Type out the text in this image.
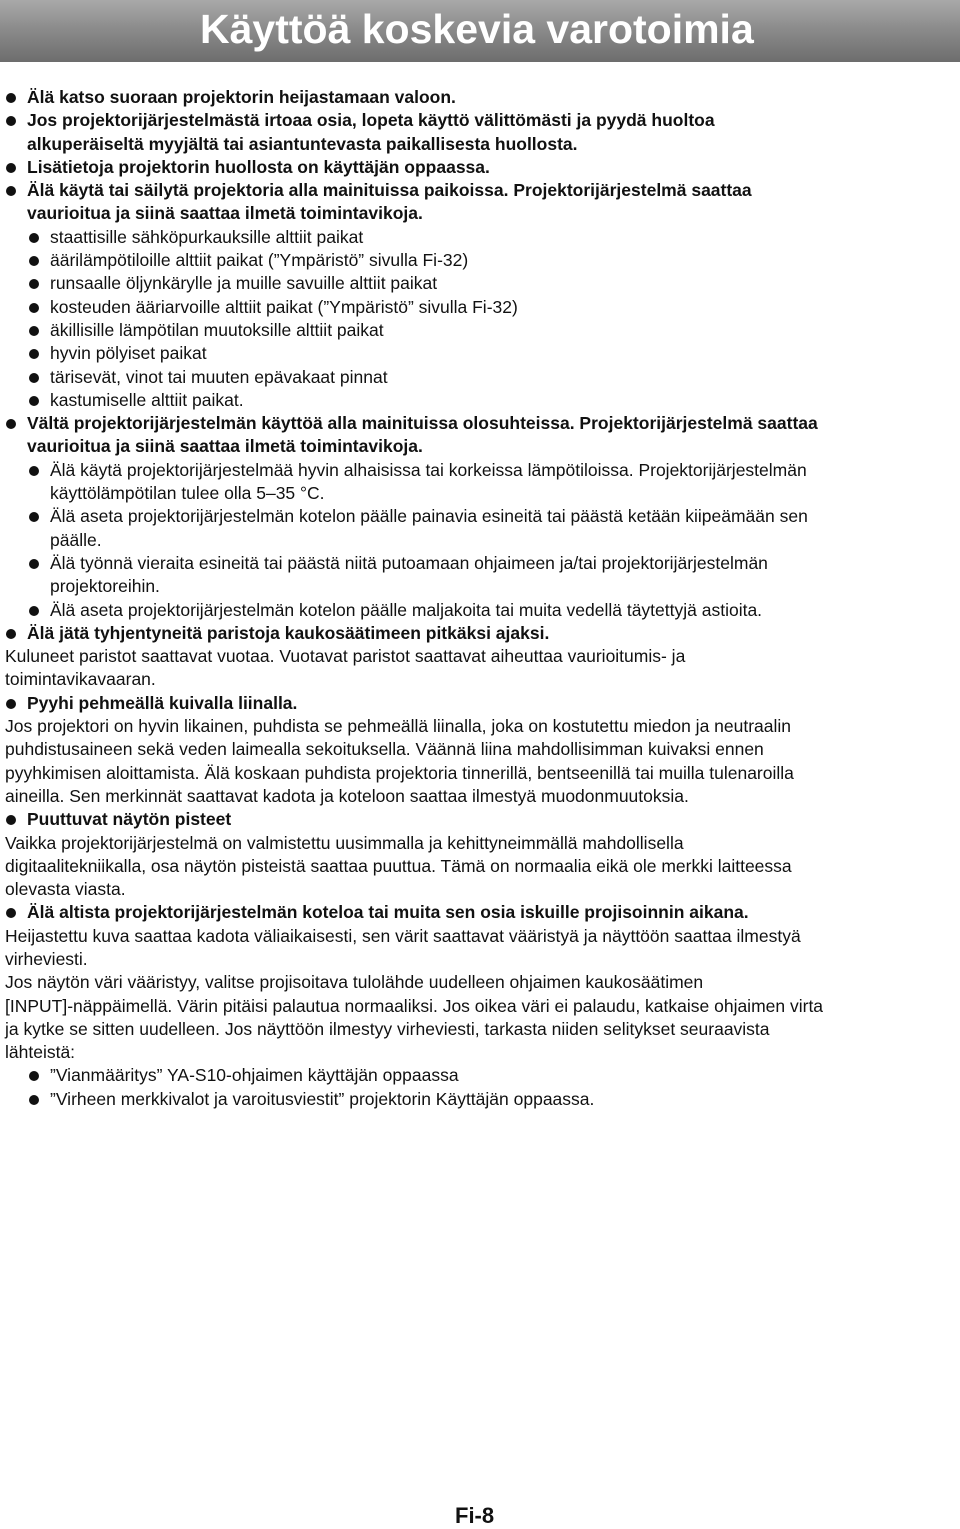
Käyttöä koskevia varotoimia
Älä katso suoraan projektorin heijastamaan valoon.
Jos projektorijärjestelmästä irtoaa osia, lopeta käyttö välittömästi ja pyydä huoltoa
alkuperäiseltä myyjältä tai asiantuntevasta paikallisesta huollosta.
Lisätietoja projektorin huollosta on käyttäjän oppaassa.
Älä käytä tai säilytä projektoria alla mainituissa paikoissa. Projektorijärjestelmä saattaa
vaurioitua ja siinä saattaa ilmetä toimintavikoja.
staattisille sähköpurkauksille alttiit paikat
äärilämpötiloille alttiit paikat (”Ympäristö” sivulla Fi-32)
runsaalle öljynkärylle ja muille savuille alttiit paikat
kosteuden ääriarvoille alttiit paikat (”Ympäristö” sivulla Fi-32)
äkillisille lämpötilan muutoksille alttiit paikat
hyvin pölyiset paikat
tärisevät, vinot tai muuten epävakaat pinnat
kastumiselle alttiit paikat.
Vältä projektorijärjestelmän käyttöä alla mainituissa olosuhteissa. Projektorijärjestelmä saattaa
vaurioitua ja siinä saattaa ilmetä toimintavikoja.
Älä käytä projektorijärjestelmää hyvin alhaisissa tai korkeissa lämpötiloissa. Projektorijärjestelmän
käyttölämpötilan tulee olla 5–35 °C.
Älä aseta projektorijärjestelmän kotelon päälle painavia esineitä tai päästä ketään kiipeämään sen
päälle.
Älä työnnä vieraita esineitä tai päästä niitä putoamaan ohjaimeen ja/tai projektorijärjestelmän
projektoreihin.
Älä aseta projektorijärjestelmän kotelon päälle maljakoita tai muita vedellä täytettyjä astioita.
Älä jätä tyhjentyneitä paristoja kaukosäätimeen pitkäksi ajaksi.
Kuluneet paristot saattavat vuotaa. Vuotavat paristot saattavat aiheuttaa vaurioitumis- ja
toimintavikavaaran.
Pyyhi pehmeällä kuivalla liinalla.
Jos projektori on hyvin likainen, puhdista se pehmeällä liinalla, joka on kostutettu miedon ja neutraalin
puhdistusaineen sekä veden laimealla sekoituksella. Väännä liina mahdollisimman kuivaksi ennen
pyyhkimisen aloittamista. Älä koskaan puhdista projektoria tinnerillä, bentseenillä tai muilla tulenaroilla
aineilla. Sen merkinnät saattavat kadota ja koteloon saattaa ilmestyä muodonmuutoksia.
Puuttuvat näytön pisteet
Vaikka projektorijärjestelmä on valmistettu uusimmalla ja kehittyneimmällä mahdollisella
digitaalitekniikalla, osa näytön pisteistä saattaa puuttua. Tämä on normaalia eikä ole merkki laitteessa
olevasta viasta.
Älä altista projektorijärjestelmän koteloa tai muita sen osia iskuille projisoinnin aikana.
Heijastettu kuva saattaa kadota väliaikaisesti, sen värit saattavat vääristyä ja näyttöön saattaa ilmestyä
virheviesti.
Jos näytön väri vääristyy, valitse projisoitava tulolähde uudelleen ohjaimen kaukosäätimen
[INPUT]-näppäimellä. Värin pitäisi palautua normaaliksi. Jos oikea väri ei palaudu, katkaise ohjaimen virta
ja kytke se sitten uudelleen. Jos näyttöön ilmestyy virheviesti, tarkasta niiden selitykset seuraavista
lähteistä:
”Vianmääritys” YA-S10-ohjaimen käyttäjän oppaassa
”Virheen merkkivalot ja varoitusviestit” projektorin Käyttäjän oppaassa.
Fi-8
